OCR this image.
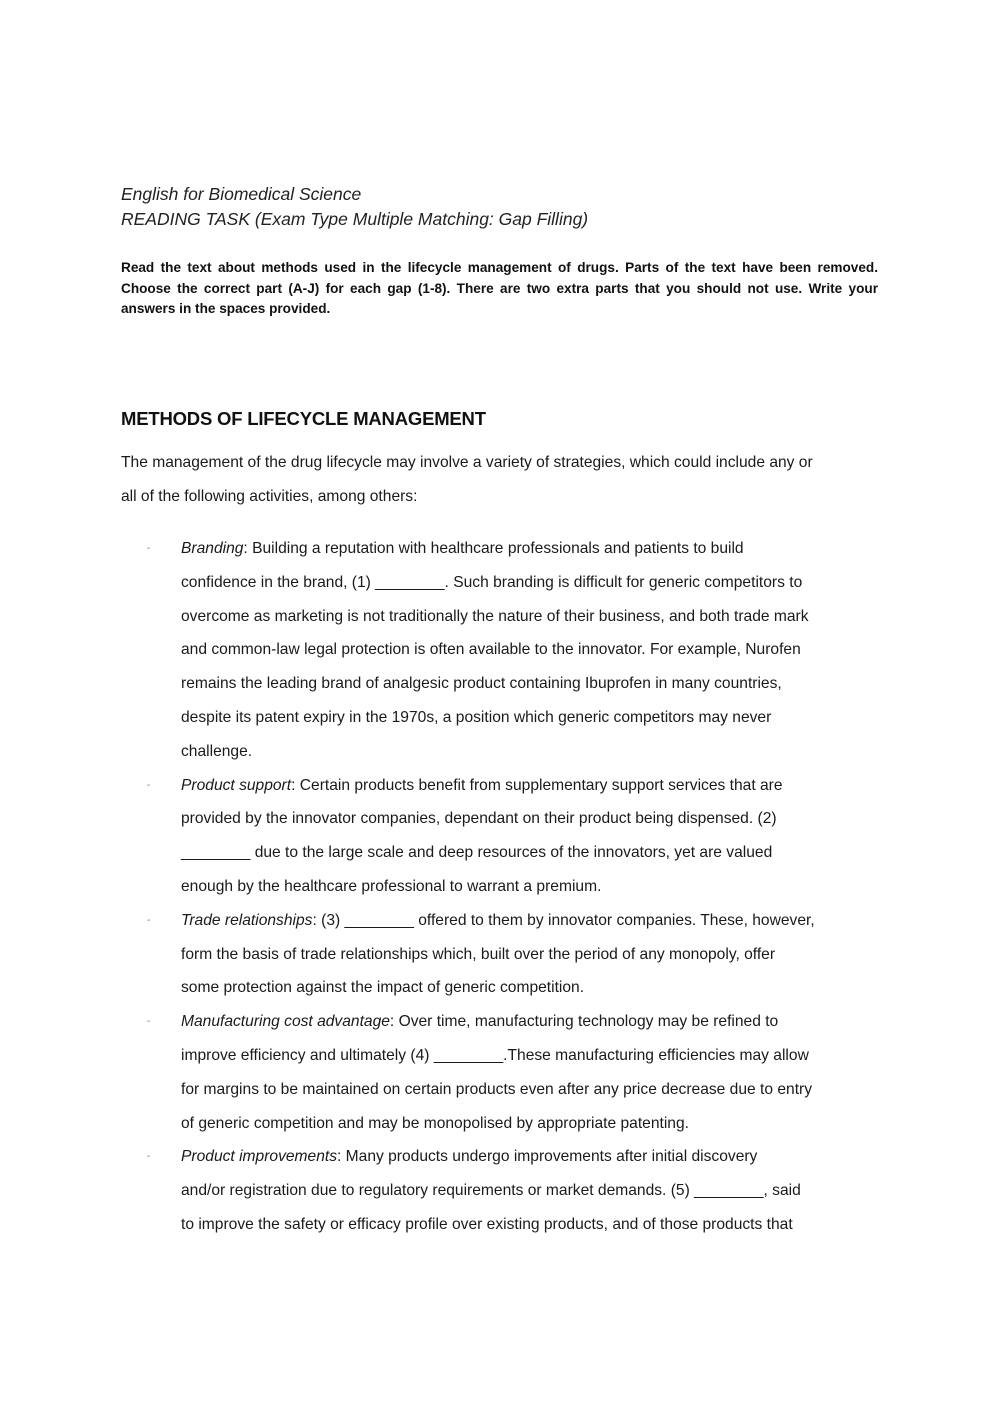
English for Biomedical Science
READING TASK (Exam Type Multiple Matching: Gap Filling)
Read the text about methods used in the lifecycle management of drugs. Parts of the text have been removed. Choose the correct part (A-J) for each gap (1-8). There are two extra parts that you should not use. Write your answers in the spaces provided.
METHODS OF LIFECYCLE MANAGEMENT
The management of the drug lifecycle may involve a variety of strategies, which could include any or
all of the following activities, among others:
- Branding: Building a reputation with healthcare professionals and patients to build
confidence in the brand, (1) ________. Such branding is difficult for generic competitors to
overcome as marketing is not traditionally the nature of their business, and both trade mark
and common-law legal protection is often available to the innovator. For example, Nurofen
remains the leading brand of analgesic product containing Ibuprofen in many countries,
despite its patent expiry in the 1970s, a position which generic competitors may never
challenge.
- Product support: Certain products benefit from supplementary support services that are
provided by the innovator companies, dependant on their product being dispensed. (2)
________ due to the large scale and deep resources of the innovators, yet are valued
enough by the healthcare professional to warrant a premium.
- Trade relationships: (3) ________ offered to them by innovator companies. These, however,
form the basis of trade relationships which, built over the period of any monopoly, offer
some protection against the impact of generic competition.
- Manufacturing cost advantage: Over time, manufacturing technology may be refined to
improve efficiency and ultimately (4) ________.These manufacturing efficiencies may allow
for margins to be maintained on certain products even after any price decrease due to entry
of generic competition and may be monopolised by appropriate patenting.
- Product improvements: Many products undergo improvements after initial discovery
and/or registration due to regulatory requirements or market demands. (5) ________, said
to improve the safety or efficacy profile over existing products, and of those products that
